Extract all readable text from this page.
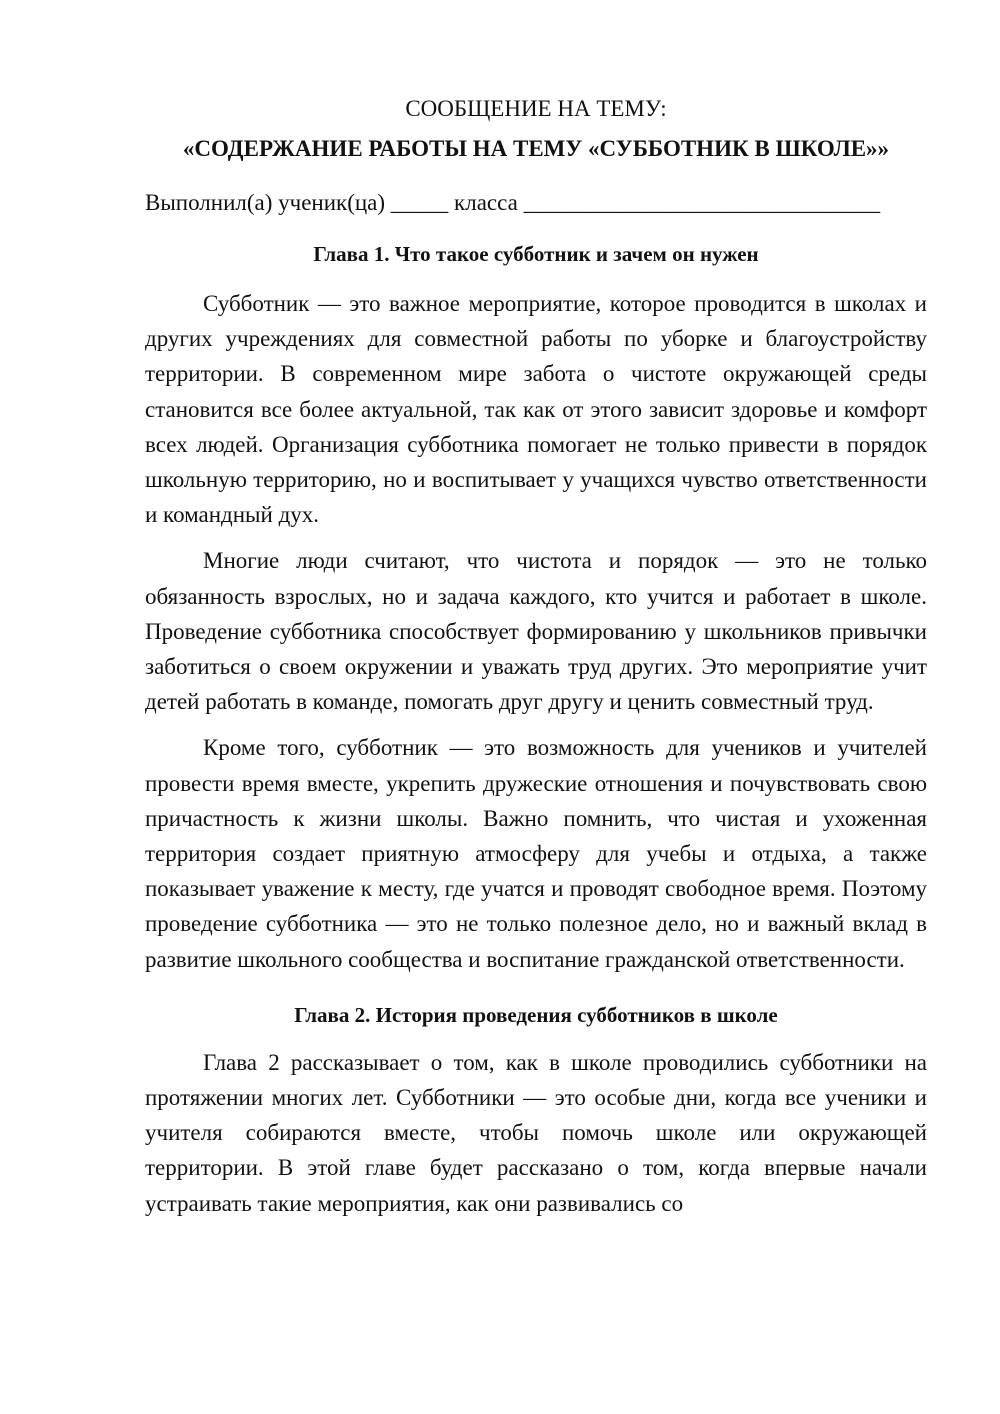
СООБЩЕНИЕ НА ТЕМУ:

«СОДЕРЖАНИЕ РАБОТЫ НА ТЕМУ «СУББОТНИК В ШКОЛЕ»»

Выполнил(а) ученик(ца) _____ класса _______________________________

Глава 1. Что такое субботник и зачем он нужен

Субботник — это важное мероприятие, которое проводится в школах и других учреждениях для совместной работы по уборке и благоустройству территории. В современном мире забота о чистоте окружающей среды становится все более актуальной, так как от этого зависит здоровье и комфорт всех людей. Организация субботника помогает не только привести в порядок школьную территорию, но и воспитывает у учащихся чувство ответственности и командный дух.

Многие люди считают, что чистота и порядок — это не только обязанность взрослых, но и задача каждого, кто учится и работает в школе. Проведение субботника способствует формированию у школьников привычки заботиться о своем окружении и уважать труд других. Это мероприятие учит детей работать в команде, помогать друг другу и ценить совместный труд.

Кроме того, субботник — это возможность для учеников и учителей провести время вместе, укрепить дружеские отношения и почувствовать свою причастность к жизни школы. Важно помнить, что чистая и ухоженная территория создает приятную атмосферу для учебы и отдыха, а также показывает уважение к месту, где учатся и проводят свободное время. Поэтому проведение субботника — это не только полезное дело, но и важный вклад в развитие школьного сообщества и воспитание гражданской ответственности.

Глава 2. История проведения субботников в школе

Глава 2 рассказывает о том, как в школе проводились субботники на протяжении многих лет. Субботники — это особые дни, когда все ученики и учителя собираются вместе, чтобы помочь школе или окружающей территории. В этой главе будет рассказано о том, когда впервые начали устраивать такие мероприятия, как они развивались со
